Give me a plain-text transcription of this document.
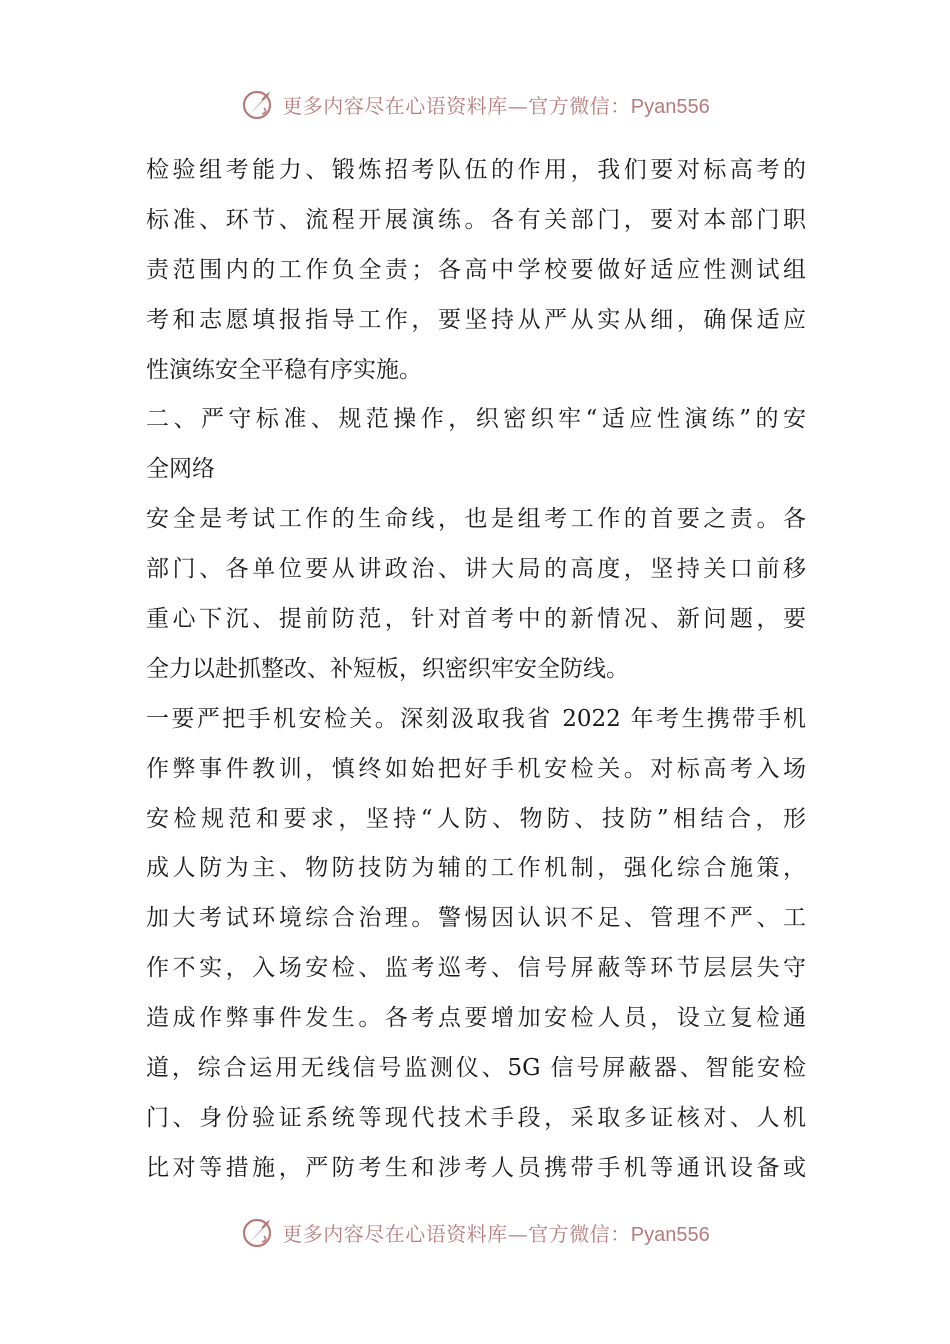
更多内容尽在心语资料库—官方微信：Pyan556
检验组考能力、锻炼招考队伍的作用，我们要对标高考的
标准、环节、流程开展演练。各有关部门，要对本部门职
责范围内的工作负全责；各高中学校要做好适应性测试组
考和志愿填报指导工作，要坚持从严从实从细，确保适应
性演练安全平稳有序实施。
二、严守标准、规范操作，织密织牢“适应性演练”的安
全网络
安全是考试工作的生命线，也是组考工作的首要之责。各
部门、各单位要从讲政治、讲大局的高度，坚持关口前移
重心下沉、提前防范，针对首考中的新情况、新问题，要
全力以赴抓整改、补短板，织密织牢安全防线。
一要严把手机安检关。深刻汲取我省 2022 年考生携带手机
作弊事件教训，慎终如始把好手机安检关。对标高考入场
安检规范和要求，坚持“人防、物防、技防”相结合，形
成人防为主、物防技防为辅的工作机制，强化综合施策，
加大考试环境综合治理。警惕因认识不足、管理不严、工
作不实，入场安检、监考巡考、信号屏蔽等环节层层失守
造成作弊事件发生。各考点要增加安检人员，设立复检通
道，综合运用无线信号监测仪、5G 信号屏蔽器、智能安检
门、身份验证系统等现代技术手段，采取多证核对、人机
比对等措施，严防考生和涉考人员携带手机等通讯设备或
更多内容尽在心语资料库—官方微信：Pyan556
